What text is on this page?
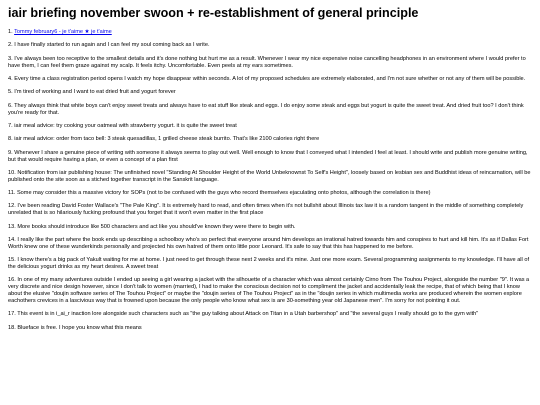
iair briefing november swoon + re-establishment of general principle

1. Tommy february6 - je t'aime ★ je t'aime

2. I have finally started to run again and I can feel my soul coming back as I write.

3. I've always been too receptive to the smallest details and it's done nothing but hurt me as a result. Whenever I wear my nice expensive noise cancelling headphones in an environment where I would prefer to have them, I can feel them graze against my scalp. It feels itchy. Uncomfortable. Even peels at my ears sometimes.

4. Every time a class registration period opens I watch my hope disappear within seconds. A lot of my proposed schedules are extremely elaborated, and I'm not sure whether or not any of them will be possible.

5. I'm tired of working and I want to eat dried fruit and yogurt forever

6. They always think that white boys can't enjoy sweet treats and always have to eat stuff like steak and eggs. I do enjoy some steak and eggs but yogurt is quite the sweet treat. And dried fruit too? I don't think you're ready for that.

7. iair meal advice: try cooking your oatmeal with strawberry yogurt. it is quite the sweet treat

8. iair meal advice: order from taco bell: 3 steak quesadillas, 1 grilled cheese steak burrito. That's like 2100 calories right there

9. Whenever I share a genuine piece of writing with someone it always seems to play out well. Well enough to know that I conveyed what I intended I feel at least. I should write and publish more genuine writing, but that would require having a plan, or even a concept of a plan first

10. Notification from iair publishing house: The unfinished novel "Standing At Shoulder Height of the World Unbeknownst To Self's Height", loosely based on lesbian sex and Buddhist ideas of reincarnation, will be published onto the site soon as a stiched together transcript in the Sanskrit language.

11. Some may consider this a massive victory for SOPs (not to be confused with the guys who record themselves ejaculating onto photos, although the correlation is there)

12. I've been reading David Foster Wallace's "The Pale King". It is extremely hard to read, and often times when it's not bullshit about Illinois tax law it is a random tangent in the middle of something completely unrelated that is so hilariously fucking profound that you forget that it won't even matter in the first place

13. More books should introduce like 500 characters and act like you should've known they were there to begin with.

14. I really like the part where the book ends up describing a schoolboy who's so perfect that everyone around him develops an irrational hatred towards him and conspires to hurt and kill him. It's as if Dallas Fort Worth knew one of these wunderkinds personally and projected his own hatred of them onto little poor Leonard. It's safe to say that this has happened to me before.

15. I know there's a big pack of Yakult waiting for me at home. I just need to get through these next 2 weeks and it's mine. Just one more exam. Several programming assignments to my knowledge. I'll have all of the delicious yogurt drinks as my heart desires. A sweet treat

16. In one of my many adventures outside I ended up seeing a girl wearing a jacket with the silhouette of a character which was almost certainly Cirno from The Touhou Project, alongside the number "9". It was a very discrete and nice design however, since I don't talk to women (married), I had to make the conscious decision not to compliment the jacket and accidentally leak the recipe, that of which being that I know about the elusive "doujin software series of The Touhou Project" or maybe the "doujin series of The Touhou Project" as in the "doujin series in which multimedia works are produced wherein the women explore eachothers crevices in a lascivious way that is frowned upon because the only people who know what sex is are 30-something year old Japanese men". I'm sorry for not pointing it out.

17. This event is in i_ai_r inaction lore alongside such characters such as "the guy talking about Attack on Titan in a Utah barbershop" and "the several guys I really should go to the gym with"

18. Blueface is free. I hope you know what this means
